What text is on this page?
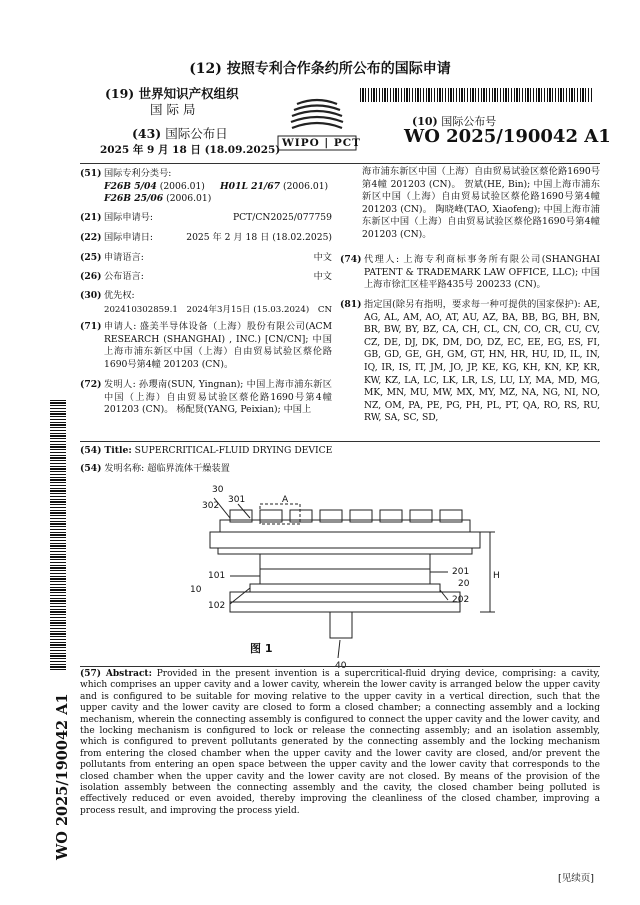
(12) 按照专利合作条约所公布的国际申请
(19) 世界知识产权组织
国 际 局
(43) 国际公布日
2025 年 9 月 18 日 (18.09.2025)
WIPO | PCT
(10) 国际公布号
WO 2025/190042 A1
(51) 国际专利分类号:
F26B 5/04 (2006.01) H01L 21/67 (2006.01)
F26B 25/06 (2006.01)
(21) 国际申请号:	PCT/CN2025/077759
(22) 国际申请日:	2025 年 2 月 18 日 (18.02.2025)
(25) 申请语言:	中文
(26) 公布语言:	中文
(30) 优先权:
202410302859.1 2024年3月15日 (15.03.2024) CN
(71) 申请人: 盛美半导体设备（上海）股份有限公司(ACM RESEARCH (SHANGHAI) , INC.) [CN/CN]; 中国上海市浦东新区中国（上海）自由贸易试验区蔡伦路1690号第4幢 201203 (CN)。
(72) 发明人: 孙瓔南(SUN, Yingnan); 中国上海市浦东新区中国（上海）自由贸易试验区蔡伦路1690号第4幢 201203 (CN)。 杨配贤(YANG, Peixian); 中国上
海市浦东新区中国（上海）自由贸易试验区蔡伦路1690号第4幢 201203 (CN)。 贺斌(HE, Bin); 中国上海市浦东新区中国（上海）自由贸易试验区蔡伦路1690号第4幢 201203 (CN)。 陶晓峰(TAO, Xiaofeng); 中国上海市浦东新区中国（上海）自由贸易试验区蔡伦路1690号第4幢 201203 (CN)。
(74) 代理人: 上海专利商标事务所有限公司(SHANGHAI PATENT & TRADEMARK LAW OFFICE, LLC); 中国上海市徐汇区桂平路435号 200233 (CN)。
(81) 指定国(除另有指明，要求每一种可提供的国家保护): AE, AG, AL, AM, AO, AT, AU, AZ, BA, BB, BG, BH, BN, BR, BW, BY, BZ, CA, CH, CL, CN, CO, CR, CU, CV, CZ, DE, DJ, DK, DM, DO, DZ, EC, EE, EG, ES, FI, GB, GD, GE, GH, GM, GT, HN, HR, HU, ID, IL, IN, IQ, IR, IS, IT, JM, JO, JP, KE, KG, KH, KN, KP, KR, KW, KZ, LA, LC, LK, LR, LS, LU, LY, MA, MD, MG, MK, MN, MU, MW, MX, MY, MZ, NA, NG, NI, NO, NZ, OM, PA, PE, PG, PH, PL, PT, QA, RO, RS, RU, RW, SA, SC, SD,
(54) Title: SUPERCRITICAL-FLUID DRYING DEVICE
(54) 发明名称: 超临界流体干燥装置
30
302
301	A
101
10
102
201
20
202
H
图 1
(57) Abstract: Provided in the present invention is a supercritical-fluid drying device, comprising: a cavity, which comprises an upper cavity and a lower cavity, wherein the lower cavity is arranged below the upper cavity and is configured to be suitable for moving relative to the upper cavity in a vertical direction, such that the upper cavity and the lower cavity are closed to form a closed chamber; a connecting assembly and a locking mechanism, wherein the connecting assembly is configured to connect the upper cavity and the lower cavity, and the locking mechanism is configured to lock or release the connecting assembly; and an isolation assembly, which is configured to prevent pollutants generated by the connecting assembly and the locking mechanism from entering the closed chamber when the upper cavity and the lower cavity are closed, and/or prevent the pollutants from entering an open space between the upper cavity and the lower cavity that corresponds to the closed chamber when the upper cavity and the lower cavity are not closed. By means of the provision of the isolation assembly between the connecting assembly and the cavity, the closed chamber being polluted is effectively reduced or even avoided, thereby improving the cleanliness of the closed chamber, improving a process result, and improving the process yield.
WO 2025/190042 A1
[见续页]
